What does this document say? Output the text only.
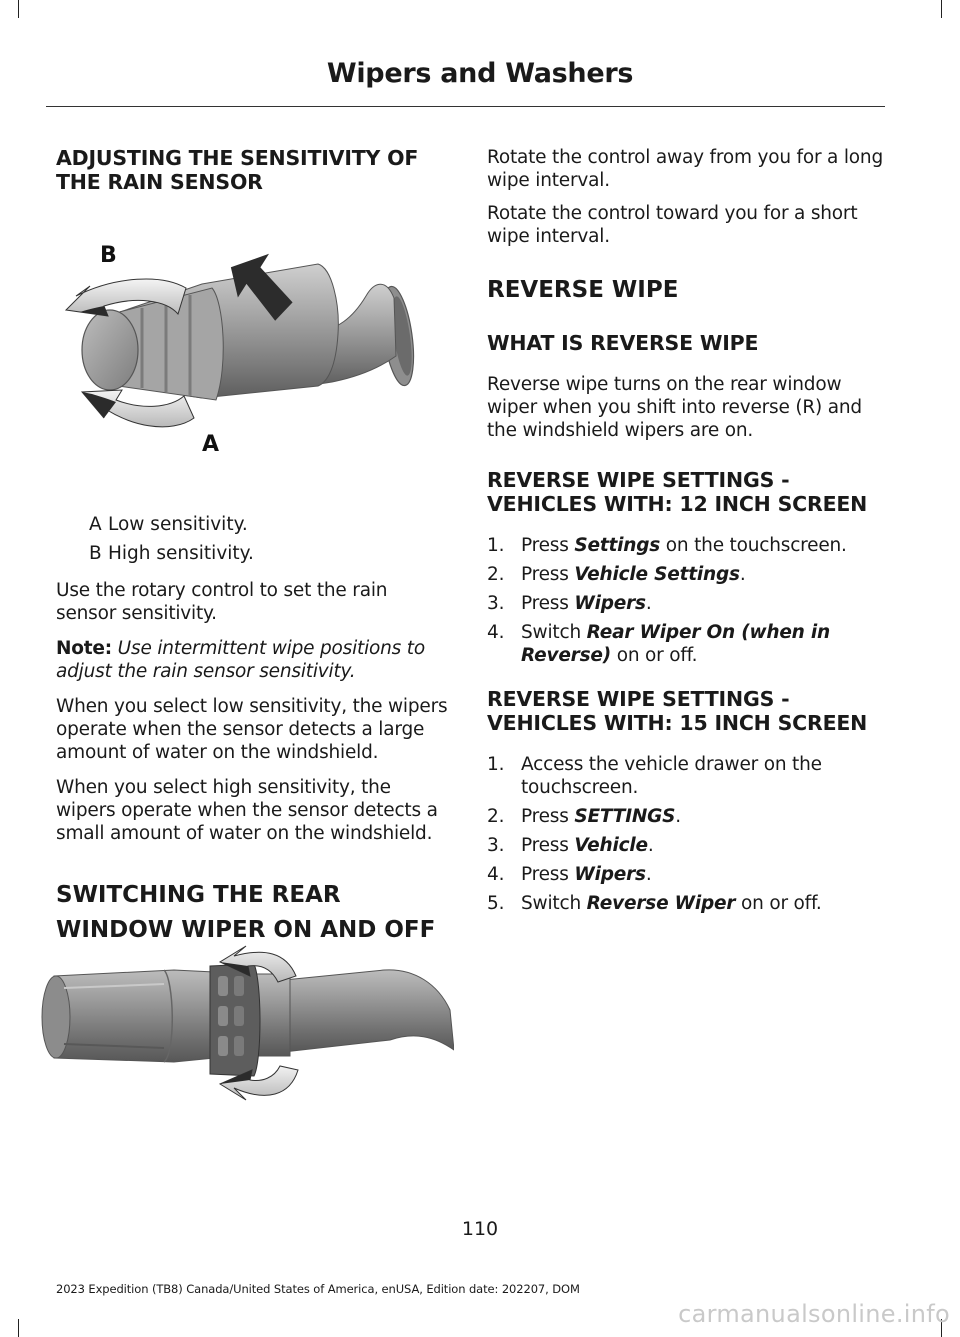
Wipers and Washers
ADJUSTING THE SENSITIVITY OF THE RAIN SENSOR
B
A
A Low sensitivity.
B High sensitivity.

Use the rotary control to set the rain sensor sensitivity.

Note: Use intermittent wipe positions to adjust the rain sensor sensitivity.

When you select low sensitivity, the wipers operate when the sensor detects a large amount of water on the windshield.

When you select high sensitivity, the wipers operate when the sensor detects a small amount of water on the windshield.

SWITCHING THE REAR
WINDOW WIPER ON AND OFF

Rotate the control away from you for a long wipe interval.

Rotate the control toward you for a short wipe interval.

REVERSE WIPE
WHAT IS REVERSE WIPE

Reverse wipe turns on the rear window wiper when you shift into reverse (R) and the windshield wipers are on.

REVERSE WIPE SETTINGS - VEHICLES WITH: 12 INCH SCREEN
1. Press Settings on the touchscreen.
2. Press Vehicle Settings.
3. Press Wipers.
4. Switch Rear Wiper On (when in Reverse) on or off.
REVERSE WIPE SETTINGS - VEHICLES WITH: 15 INCH SCREEN
1. Access the vehicle drawer on the touchscreen.
2. Press SETTINGS.
3. Press Vehicle.
4. Press Wipers.
5. Switch Reverse Wiper on or off.
110
2023 Expedition (TB8) Canada/United States of America, enUSA, Edition date: 202207, DOM
carmanualsonline.info
